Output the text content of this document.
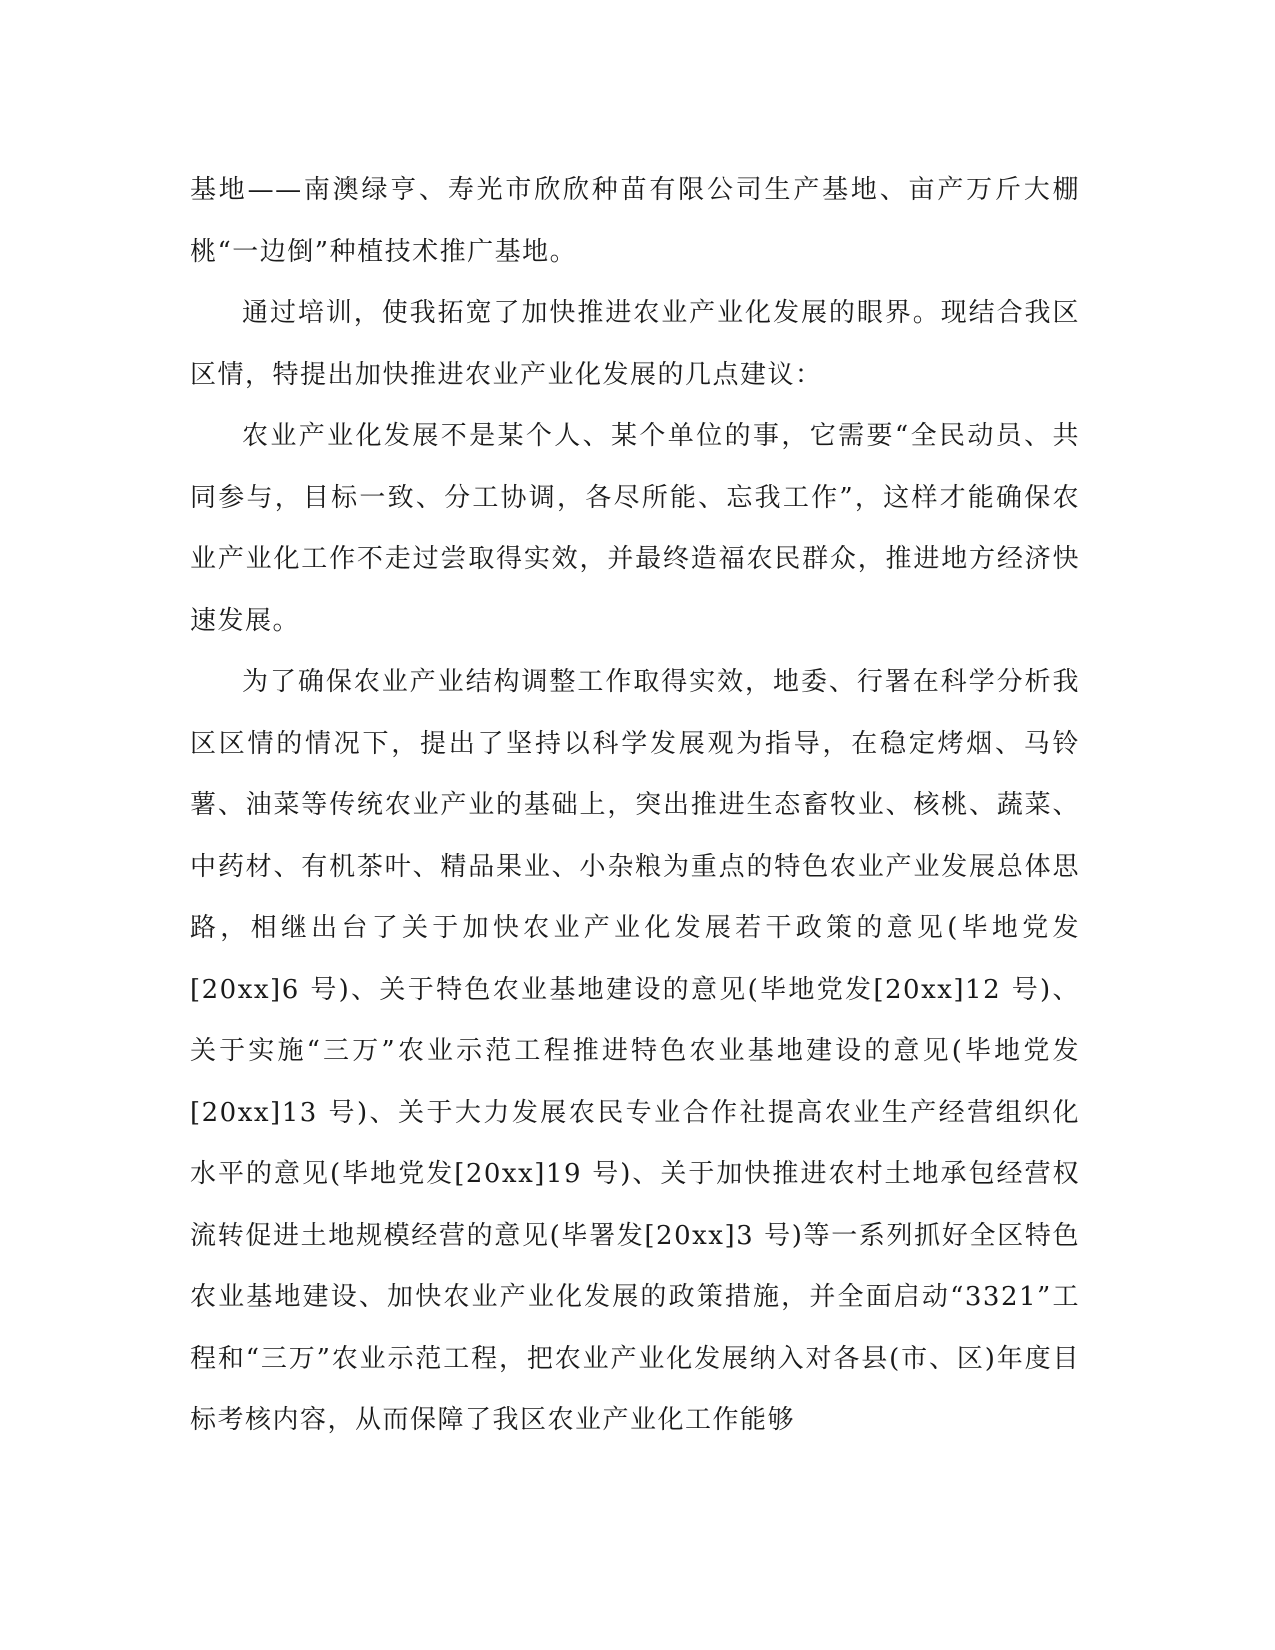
基地——南澳绿亨、寿光市欣欣种苗有限公司生产基地、亩产万斤大棚桃“一边倒”种植技术推广基地。

通过培训，使我拓宽了加快推进农业产业化发展的眼界。现结合我区区情，特提出加快推进农业产业化发展的几点建议：

农业产业化发展不是某个人、某个单位的事，它需要“全民动员、共同参与，目标一致、分工协调，各尽所能、忘我工作”，这样才能确保农业产业化工作不走过尝取得实效，并最终造福农民群众，推进地方经济快速发展。

为了确保农业产业结构调整工作取得实效，地委、行署在科学分析我区区情的情况下，提出了坚持以科学发展观为指导，在稳定烤烟、马铃薯、油菜等传统农业产业的基础上，突出推进生态畜牧业、核桃、蔬菜、中药材、有机茶叶、精品果业、小杂粮为重点的特色农业产业发展总体思路，相继出台了关于加快农业产业化发展若干政策的意见(毕地党发[20xx]6 号)、关于特色农业基地建设的意见(毕地党发[20xx]12 号)、关于实施“三万”农业示范工程推进特色农业基地建设的意见(毕地党发[20xx]13 号)、关于大力发展农民专业合作社提高农业生产经营组织化水平的意见(毕地党发[20xx]19 号)、关于加快推进农村土地承包经营权流转促进土地规模经营的意见(毕署发[20xx]3 号)等一系列抓好全区特色农业基地建设、加快农业产业化发展的政策措施，并全面启动“3321”工程和“三万”农业示范工程，把农业产业化发展纳入对各县(市、区)年度目标考核内容，从而保障了我区农业产业化工作能够
